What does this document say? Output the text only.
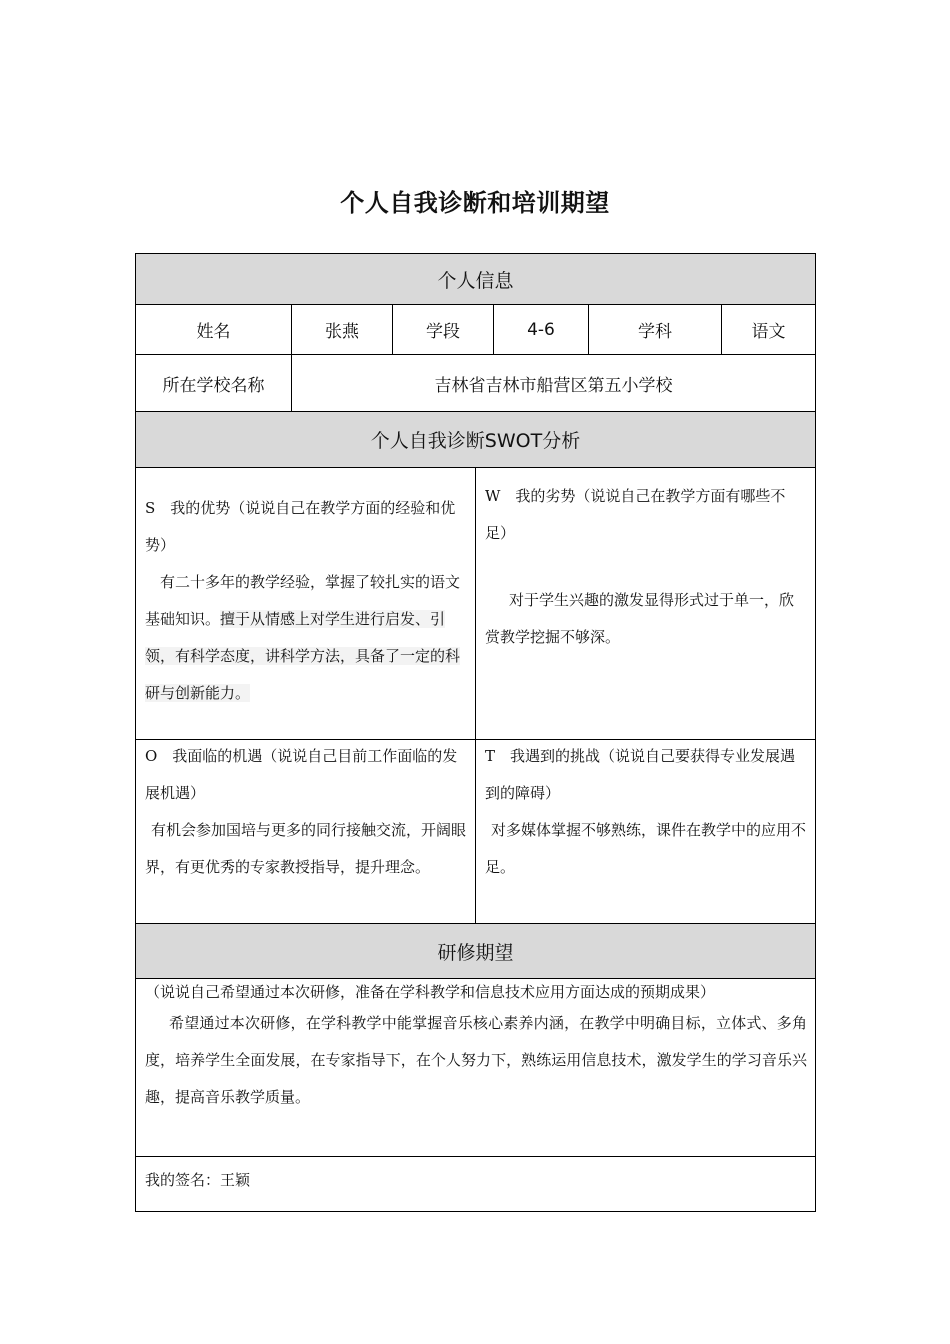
个人自我诊断和培训期望
个人信息
姓名	张燕	学段	4-6	学科	语文
所在学校名称	吉林省吉林市船营区第五小学校
个人自我诊断SWOT分析

S　我的优势（说说自己在教学方面的经验和优势）

有二十多年的教学经验，掌握了较扎实的语文基础知识。擅于从情感上对学生进行启发、引领，有科学态度，讲科学方法，具备了一定的科研与创新能力。

W　我的劣势（说说自己在教学方面有哪些不足）

对于学生兴趣的激发显得形式过于单一，欣赏教学挖掘不够深。

O　我面临的机遇（说说自己目前工作面临的发展机遇）

有机会参加国培与更多的同行接触交流，开阔眼界，有更优秀的专家教授指导，提升理念。

T　我遇到的挑战（说说自己要获得专业发展遇到的障碍）

对多媒体掌握不够熟练，课件在教学中的应用不足。

研修期望

（说说自己希望通过本次研修，准备在学科教学和信息技术应用方面达成的预期成果）

希望通过本次研修，在学科教学中能掌握音乐核心素养内涵，在教学中明确目标，立体式、多角度，培养学生全面发展，在专家指导下，在个人努力下，熟练运用信息技术，激发学生的学习音乐兴趣，提高音乐教学质量。

我的签名：王颖
